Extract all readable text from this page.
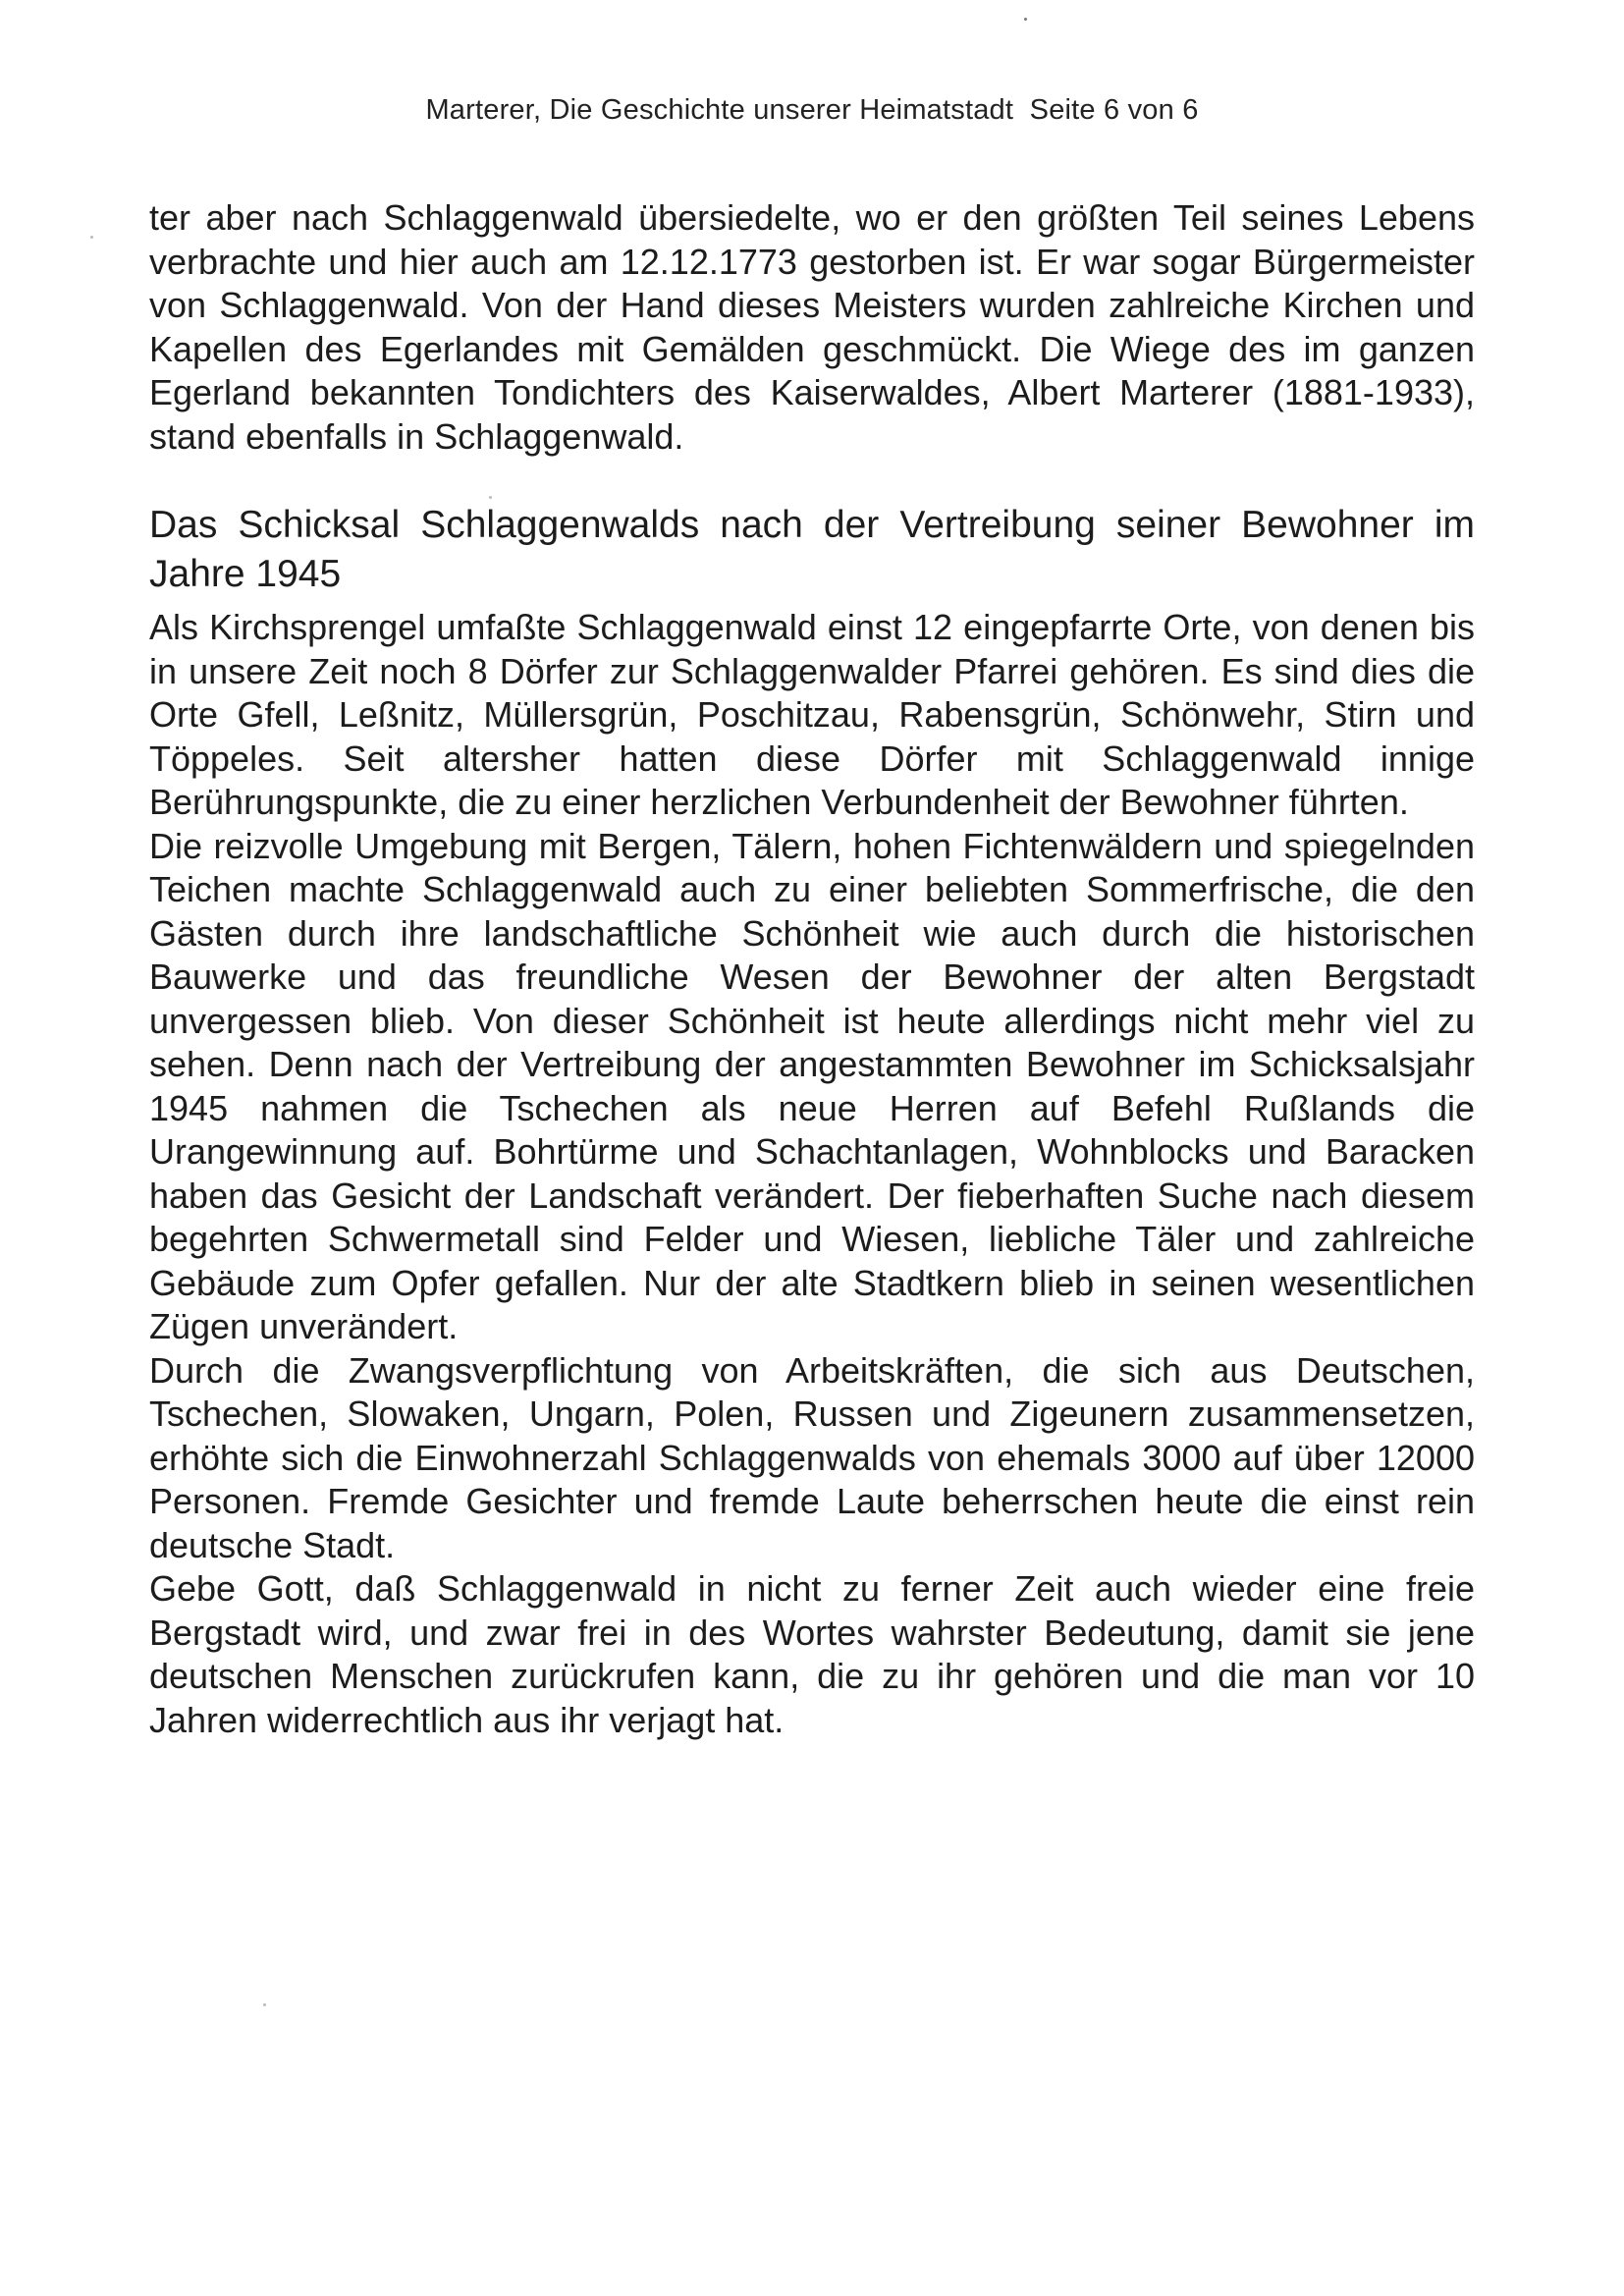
Marterer, Die Geschichte unserer Heimatstadt Seite 6 von 6

ter aber nach Schlaggenwald übersiedelte, wo er den größten Teil seines Lebens verbrachte und hier auch am 12.12.1773 gestorben ist. Er war sogar Bürgermeister von Schlaggenwald. Von der Hand dieses Meisters wurden zahlreiche Kirchen und Kapellen des Egerlandes mit Gemälden geschmückt. Die Wiege des im ganzen Egerland bekannten Tondichters des Kaiserwaldes, Albert Marterer (1881-1933), stand ebenfalls in Schlaggenwald.

Das Schicksal Schlaggenwalds nach der Vertreibung seiner Bewohner im Jahre 1945

Als Kirchsprengel umfaßte Schlaggenwald einst 12 eingepfarrte Orte, von denen bis in unsere Zeit noch 8 Dörfer zur Schlaggenwalder Pfarrei gehören. Es sind dies die Orte Gfell, Leßnitz, Müllersgrün, Poschitzau, Rabensgrün, Schönwehr, Stirn und Töppeles. Seit altersher hatten diese Dörfer mit Schlaggenwald innige Berührungspunkte, die zu einer herzlichen Verbundenheit der Bewohner führten.

Die reizvolle Umgebung mit Bergen, Tälern, hohen Fichtenwäldern und spiegelnden Teichen machte Schlaggenwald auch zu einer beliebten Sommerfrische, die den Gästen durch ihre landschaftliche Schönheit wie auch durch die historischen Bauwerke und das freundliche Wesen der Bewohner der alten Bergstadt unvergessen blieb. Von dieser Schönheit ist heute allerdings nicht mehr viel zu sehen. Denn nach der Vertreibung der angestammten Bewohner im Schicksalsjahr 1945 nahmen die Tschechen als neue Herren auf Befehl Rußlands die Urangewinnung auf. Bohrtürme und Schachtanlagen, Wohnblocks und Baracken haben das Gesicht der Landschaft verändert. Der fieberhaften Suche nach diesem begehrten Schwermetall sind Felder und Wiesen, liebliche Täler und zahlreiche Gebäude zum Opfer gefallen. Nur der alte Stadtkern blieb in seinen wesentlichen Zügen unverändert.

Durch die Zwangsverpflichtung von Arbeitskräften, die sich aus Deutschen, Tschechen, Slowaken, Ungarn, Polen, Russen und Zigeunern zusammensetzen, erhöhte sich die Einwohnerzahl Schlaggenwalds von ehemals 3000 auf über 12000 Personen. Fremde Gesichter und fremde Laute beherrschen heute die einst rein deutsche Stadt.

Gebe Gott, daß Schlaggenwald in nicht zu ferner Zeit auch wieder eine freie Bergstadt wird, und zwar frei in des Wortes wahrster Bedeutung, damit sie jene deutschen Menschen zurückrufen kann, die zu ihr gehören und die man vor 10 Jahren widerrechtlich aus ihr verjagt hat.
